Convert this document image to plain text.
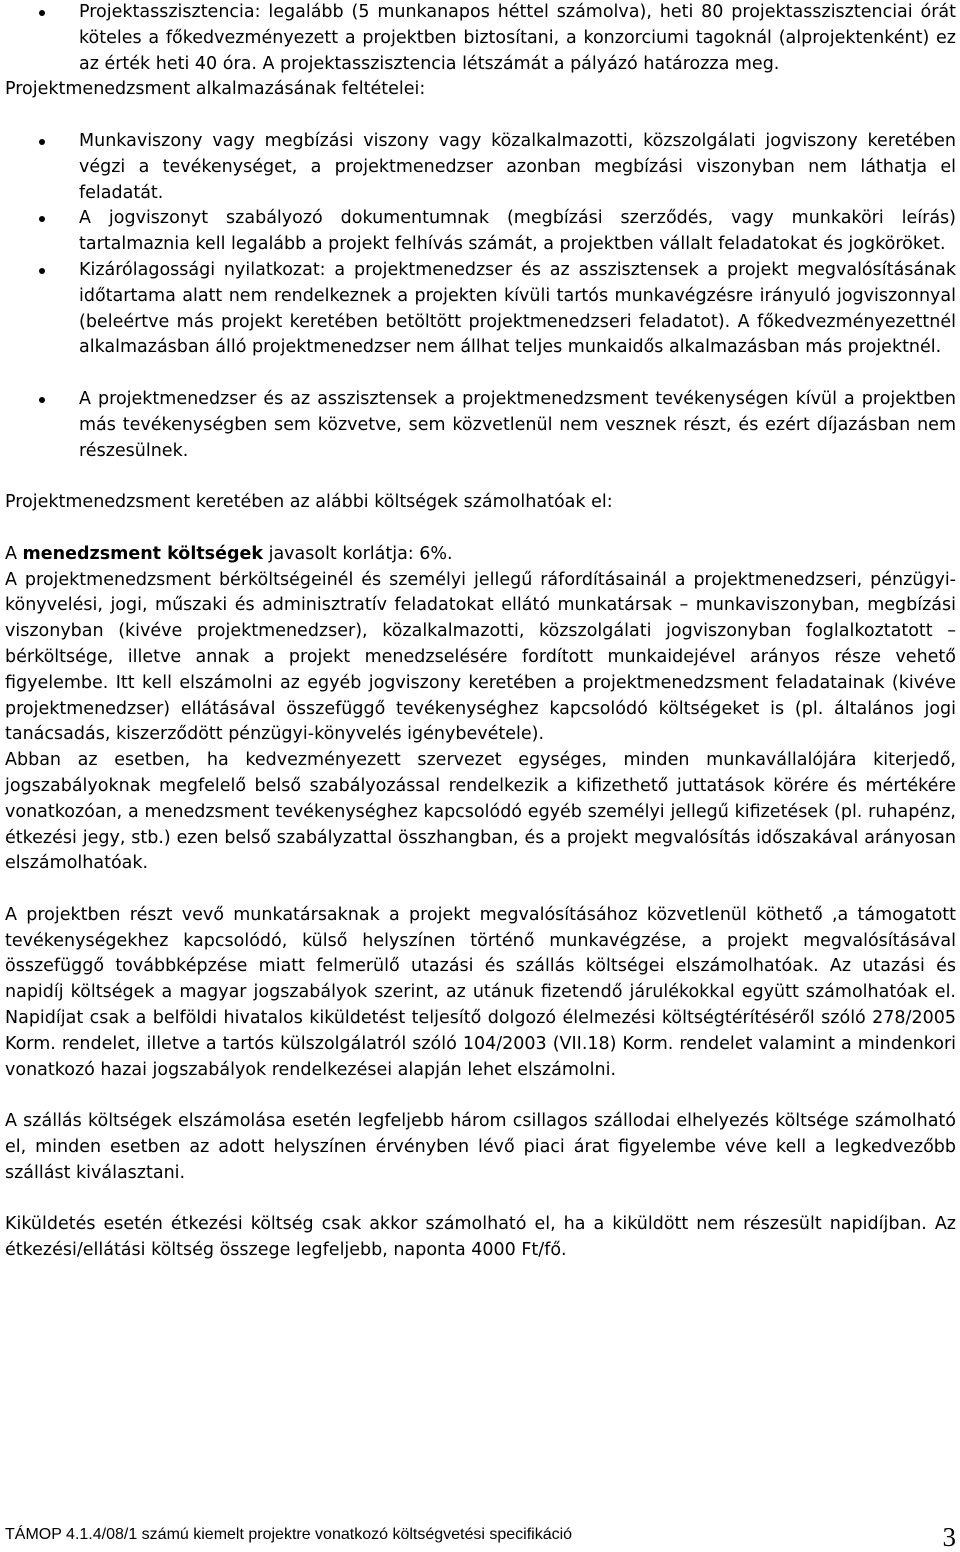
Projektasszisztencia: legalább (5 munkanapos héttel számolva), heti 80 projektasszisztenciai órát köteles a főkedvezményezett a projektben biztosítani, a konzorciumi tagoknál (alprojektenként) ez az érték heti 40 óra. A projektasszisztencia létszámát a pályázó határozza meg.

Projektmenedzsment alkalmazásának feltételei:

Munkaviszony vagy megbízási viszony vagy közalkalmazotti, közszolgálati jogviszony keretében végzi a tevékenységet, a projektmenedzser azonban megbízási viszonyban nem láthatja el feladatát.
A jogviszonyt szabályozó dokumentumnak (megbízási szerződés, vagy munkaköri leírás) tartalmaznia kell legalább a projekt felhívás számát, a projektben vállalt feladatokat és jogköröket.
Kizárólagossági nyilatkozat: a projektmenedzser és az asszisztensek a projekt megvalósításának időtartama alatt nem rendelkeznek a projekten kívüli tartós munkavégzésre irányuló jogviszonnyal (beleértve más projekt keretében betöltött projektmenedzseri feladatot). A főkedvezményezettnél alkalmazásban álló projektmenedzser nem állhat teljes munkaidős alkalmazásban más projektnél.
A projektmenedzser és az asszisztensek a projektmenedzsment tevékenységen kívül a projektben más tevékenységben sem közvetve, sem közvetlenül nem vesznek részt, és ezért díjazásban nem részesülnek.

Projektmenedzsment keretében az alábbi költségek számolhatóak el:

A menedzsment költségek javasolt korlátja: 6%.

A projektmenedzsment bérköltségeinél és személyi jellegű ráfordításainál a projektmenedzseri, pénzügyi-könyvelési, jogi, műszaki és adminisztratív feladatokat ellátó munkatársak – munkaviszonyban, megbízási viszonyban (kivéve projektmenedzser), közalkalmazotti, közszolgálati jogviszonyban foglalkoztatott – bérköltsége, illetve annak a projekt menedzselésére fordított munkaidejével arányos része vehető figyelembe. Itt kell elszámolni az egyéb jogviszony keretében a projektmenedzsment feladatainak (kivéve projektmenedzser) ellátásával összefüggő tevékenységhez kapcsolódó költségeket is (pl. általános jogi tanácsadás, kiszerződött pénzügyi-könyvelés igénybevétele).

Abban az esetben, ha kedvezményezett szervezet egységes, minden munkavállalójára kiterjedő, jogszabályoknak megfelelő belső szabályozással rendelkezik a kifizethető juttatások körére és mértékére vonatkozóan, a menedzsment tevékenységhez kapcsolódó egyéb személyi jellegű kifizetések (pl. ruhapénz, étkezési jegy, stb.) ezen belső szabályzattal összhangban, és a projekt megvalósítás időszakával arányosan elszámolhatóak.

A projektben részt vevő munkatársaknak a projekt megvalósításához közvetlenül köthető ,a támogatott tevékenységekhez kapcsolódó, külső helyszínen történő munkavégzése, a projekt megvalósításával összefüggő továbbképzése miatt felmerülő utazási és szállás költségei elszámolhatóak. Az utazási és napidíj költségek a magyar jogszabályok szerint, az utánuk fizetendő járulékokkal együtt számolhatóak el. Napidíjat csak a belföldi hivatalos kiküldetést teljesítő dolgozó élelmezési költségtérítéséről szóló 278/2005 Korm. rendelet, illetve a tartós külszolgálatról szóló 104/2003 (VII.18) Korm. rendelet valamint a mindenkori vonatkozó hazai jogszabályok rendelkezései alapján lehet elszámolni.

A szállás költségek elszámolása esetén legfeljebb három csillagos szállodai elhelyezés költsége számolható el, minden esetben az adott helyszínen érvényben lévő piaci árat figyelembe véve kell a legkedvezőbb szállást kiválasztani.

Kiküldetés esetén étkezési költség csak akkor számolható el, ha a kiküldött nem részesült napidíjban. Az étkezési/ellátási költség összege legfeljebb, naponta 4000 Ft/fő.

TÁMOP 4.1.4/08/1 számú kiemelt projektre vonatkozó költségvetési specifikáció	3
